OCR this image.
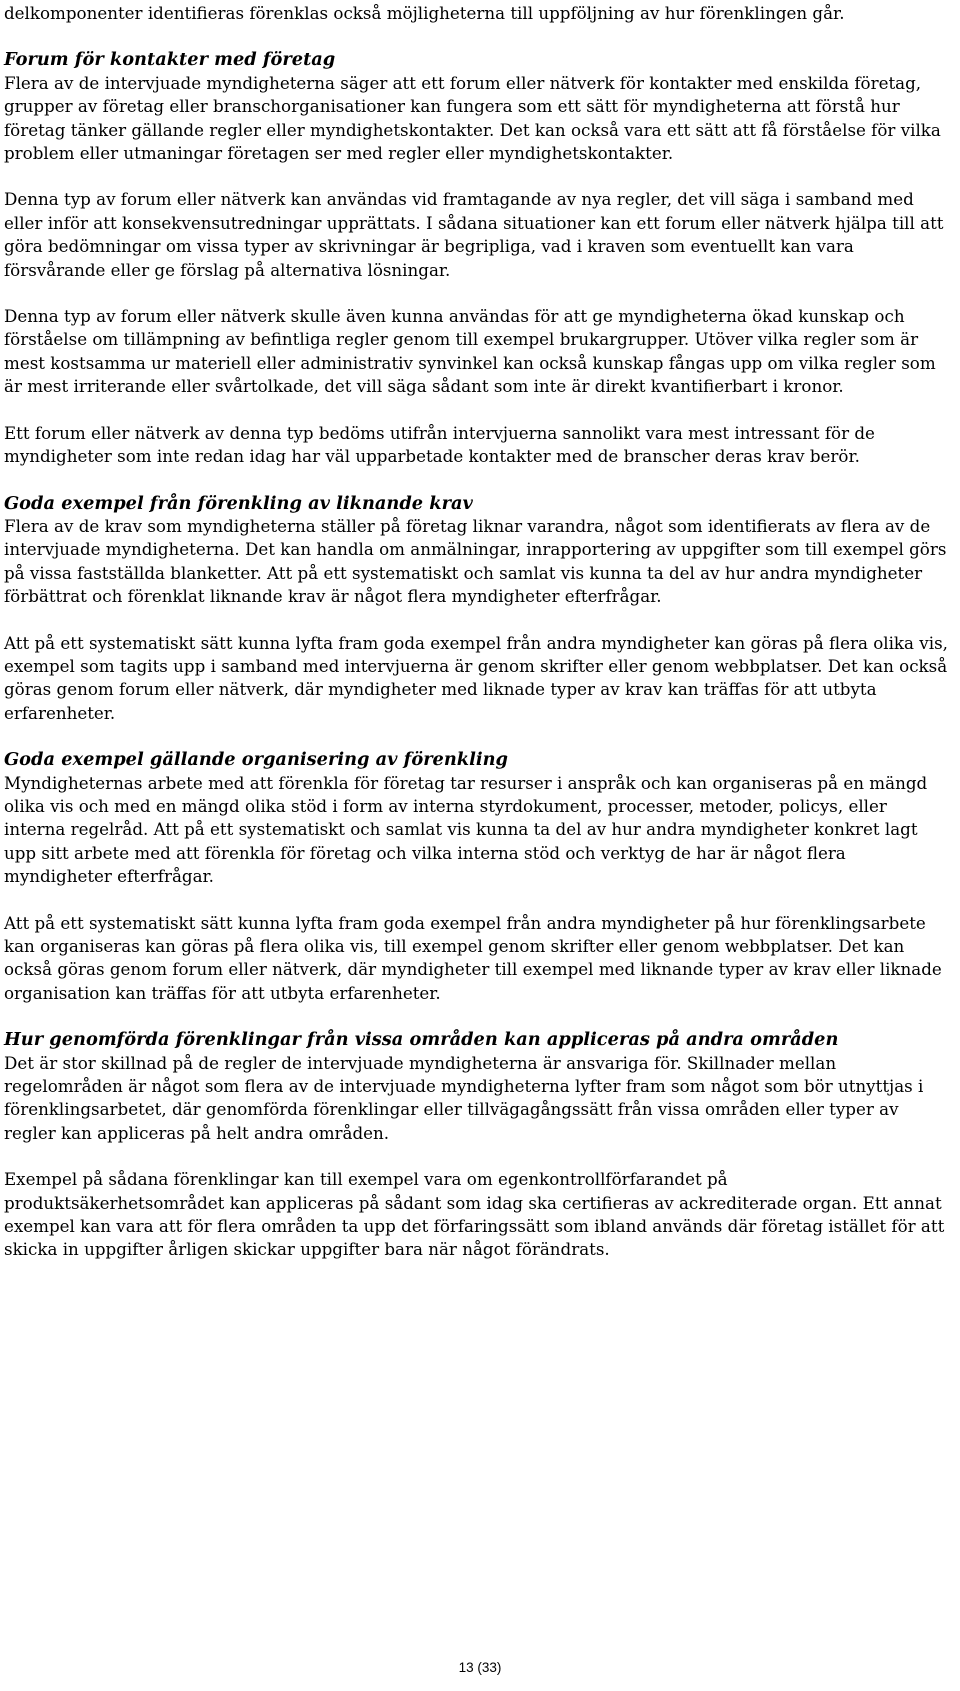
delkomponenter identifieras förenklas också möjligheterna till uppföljning av hur förenklingen går.

Forum för kontakter med företag

Flera av de intervjuade myndigheterna säger att ett forum eller nätverk för kontakter med enskilda företag, grupper av företag eller branschorganisationer kan fungera som ett sätt för myndigheterna att förstå hur företag tänker gällande regler eller myndighetskontakter. Det kan också vara ett sätt att få förståelse för vilka problem eller utmaningar företagen ser med regler eller myndighetskontakter.

Denna typ av forum eller nätverk kan användas vid framtagande av nya regler, det vill säga i samband med eller inför att konsekvensutredningar upprättats. I sådana situationer kan ett forum eller nätverk hjälpa till att göra bedömningar om vissa typer av skrivningar är begripliga, vad i kraven som eventuellt kan vara försvårande eller ge förslag på alternativa lösningar.

Denna typ av forum eller nätverk skulle även kunna användas för att ge myndigheterna ökad kunskap och förståelse om tillämpning av befintliga regler genom till exempel brukargrupper. Utöver vilka regler som är mest kostsamma ur materiell eller administrativ synvinkel kan också kunskap fångas upp om vilka regler som är mest irriterande eller svårtolkade, det vill säga sådant som inte är direkt kvantifierbart i kronor.

Ett forum eller nätverk av denna typ bedöms utifrån intervjuerna sannolikt vara mest intressant för de myndigheter som inte redan idag har väl upparbetade kontakter med de branscher deras krav berör.

Goda exempel från förenkling av liknande krav

Flera av de krav som myndigheterna ställer på företag liknar varandra, något som identifierats av flera av de intervjuade myndigheterna. Det kan handla om anmälningar, inrapportering av uppgifter som till exempel görs på vissa fastställda blanketter. Att på ett systematiskt och samlat vis kunna ta del av hur andra myndigheter förbättrat och förenklat liknande krav är något flera myndigheter efterfrågar.

Att på ett systematiskt sätt kunna lyfta fram goda exempel från andra myndigheter kan göras på flera olika vis, exempel som tagits upp i samband med intervjuerna är genom skrifter eller genom webbplatser. Det kan också göras genom forum eller nätverk, där myndigheter med liknade typer av krav kan träffas för att utbyta erfarenheter.

Goda exempel gällande organisering av förenkling

Myndigheternas arbete med att förenkla för företag tar resurser i anspråk och kan organiseras på en mängd olika vis och med en mängd olika stöd i form av interna styrdokument, processer, metoder, policys, eller interna regelråd. Att på ett systematiskt och samlat vis kunna ta del av hur andra myndigheter konkret lagt upp sitt arbete med att förenkla för företag och vilka interna stöd och verktyg de har är något flera myndigheter efterfrågar.

Att på ett systematiskt sätt kunna lyfta fram goda exempel från andra myndigheter på hur förenklingsarbete kan organiseras kan göras på flera olika vis, till exempel genom skrifter eller genom webbplatser. Det kan också göras genom forum eller nätverk, där myndigheter till exempel med liknande typer av krav eller liknade organisation kan träffas för att utbyta erfarenheter.

Hur genomförda förenklingar från vissa områden kan appliceras på andra områden

Det är stor skillnad på de regler de intervjuade myndigheterna är ansvariga för. Skillnader mellan regelområden är något som flera av de intervjuade myndigheterna lyfter fram som något som bör utnyttjas i förenklingsarbetet, där genomförda förenklingar eller tillvägagångssätt från vissa områden eller typer av regler kan appliceras på helt andra områden.

Exempel på sådana förenklingar kan till exempel vara om egenkontrollförfarandet på produktsäkerhetsområdet kan appliceras på sådant som idag ska certifieras av ackrediterade organ. Ett annat exempel kan vara att för flera områden ta upp det förfaringssätt som ibland används där företag istället för att skicka in uppgifter årligen skickar uppgifter bara när något förändrats.

13 (33)
